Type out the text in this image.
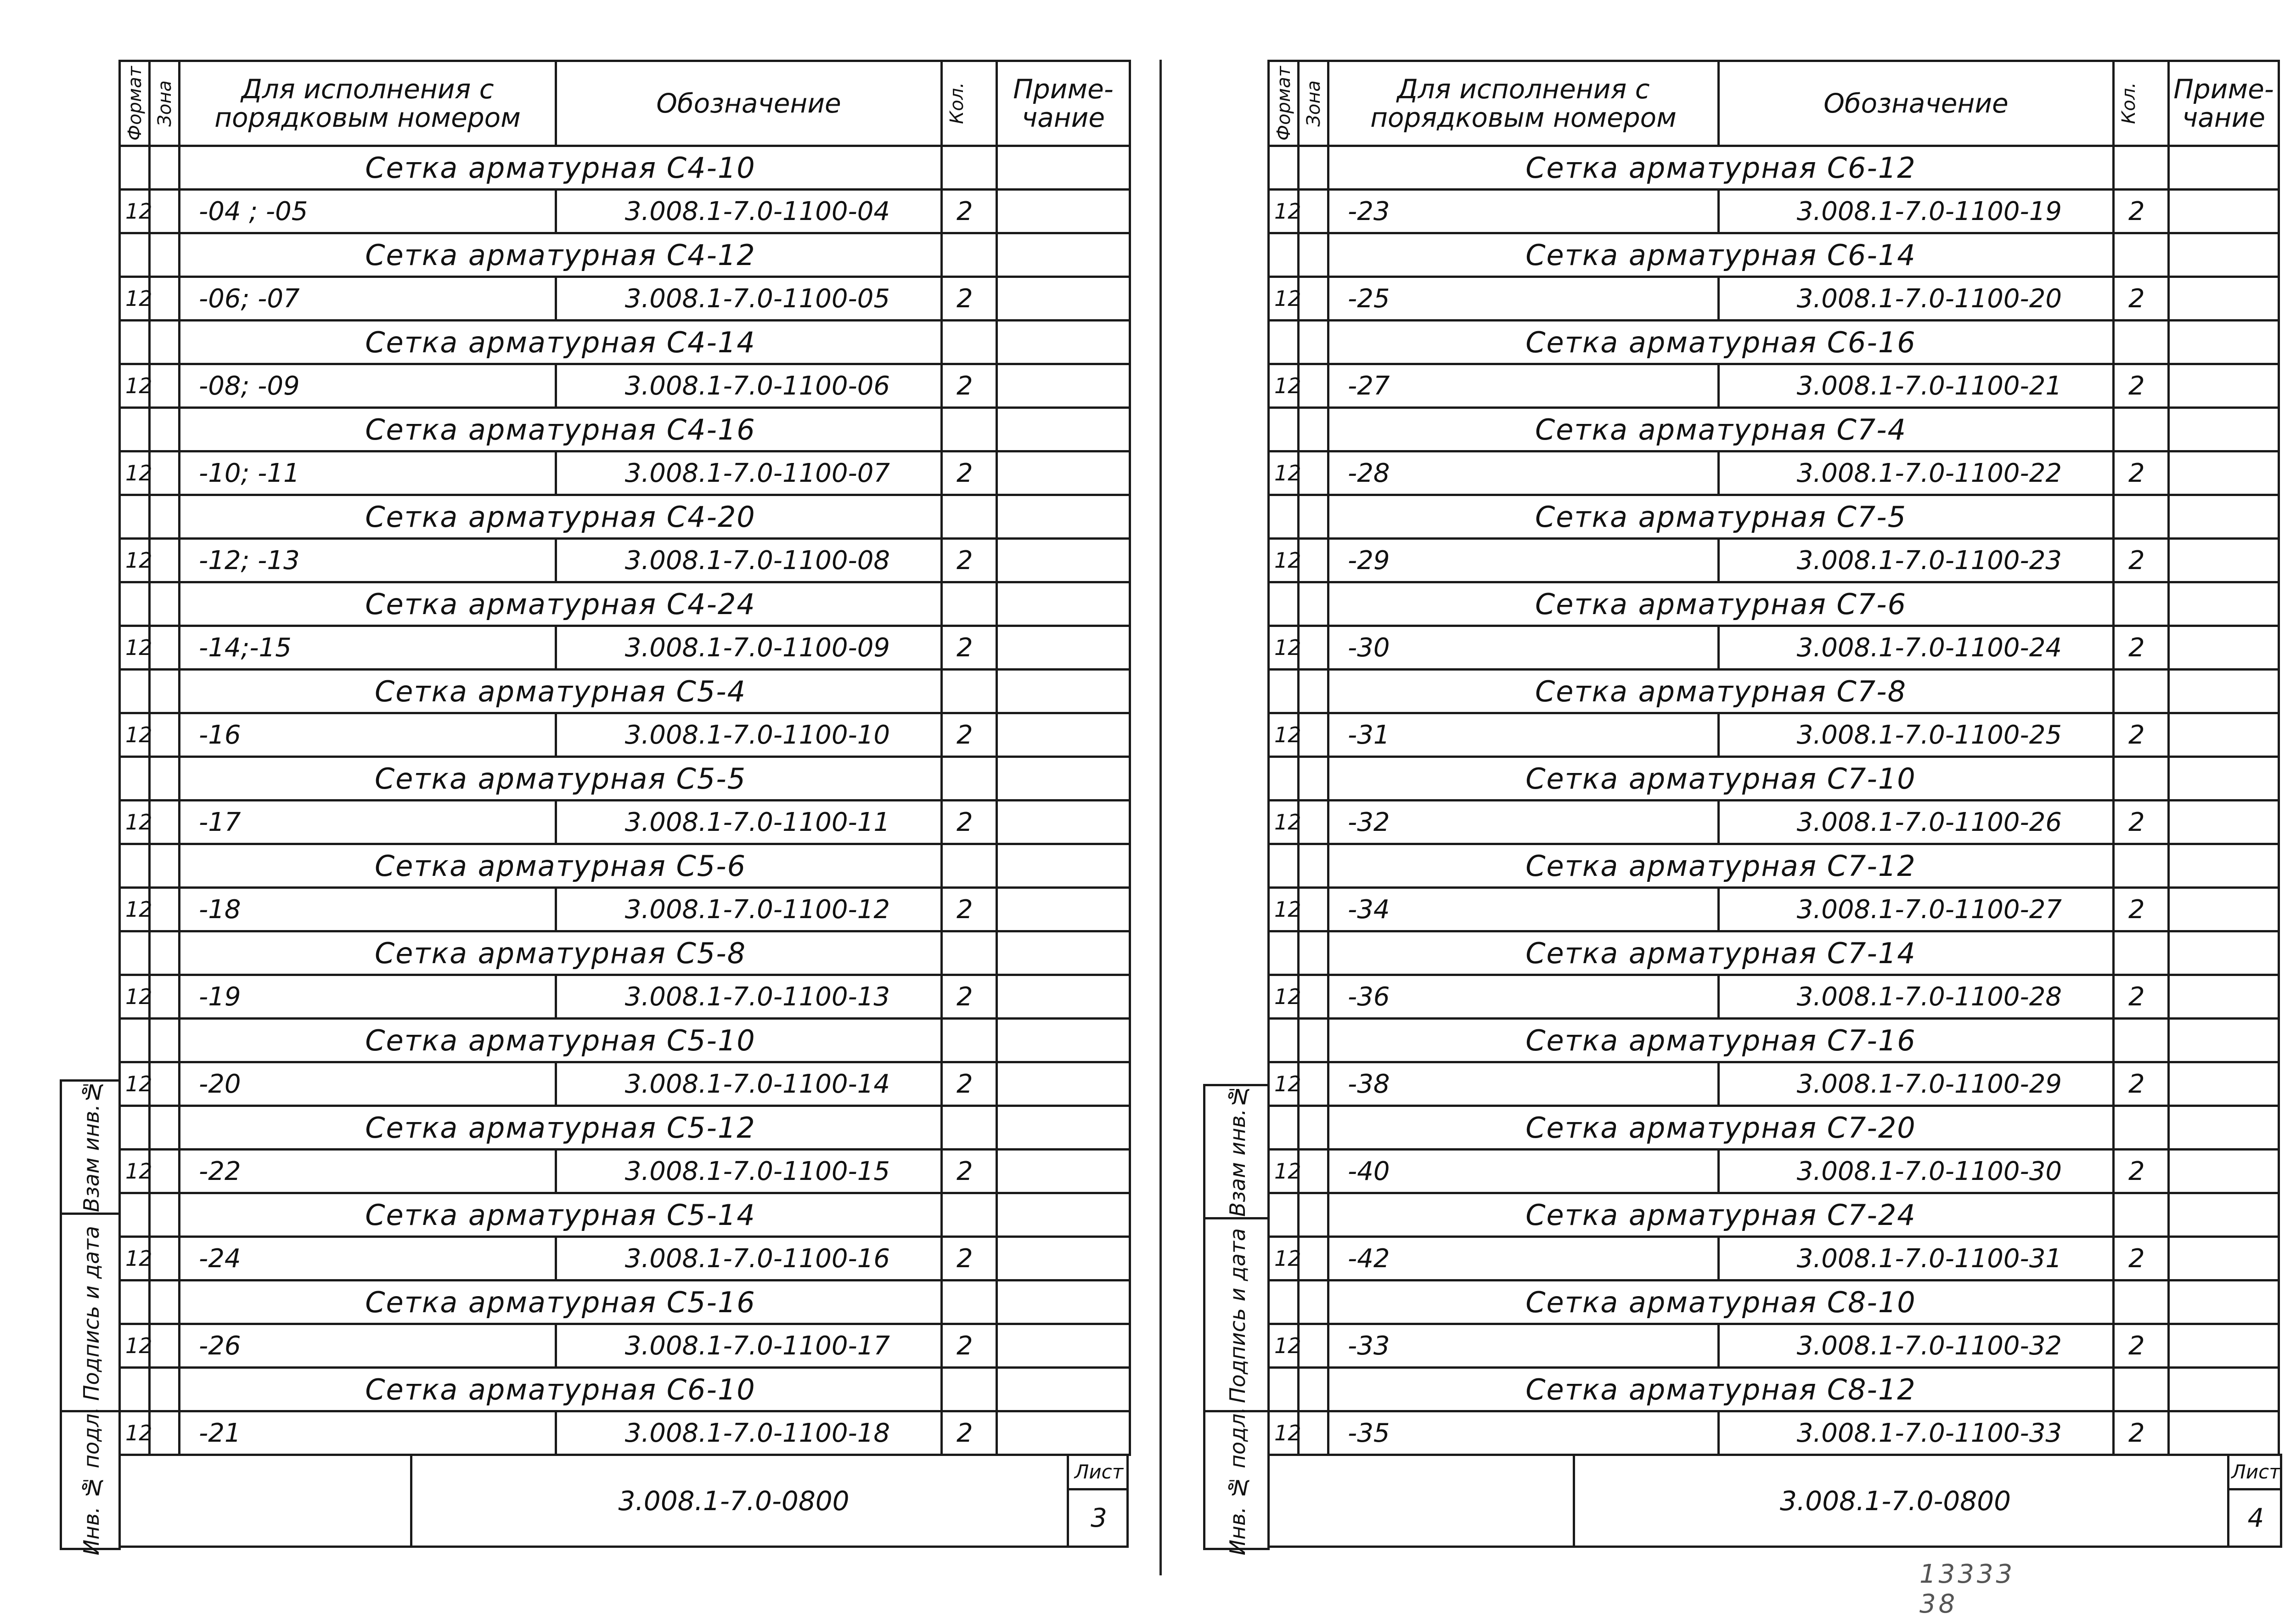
Формат	Зона	Для исполнения с порядковым номером	Обозначение	Кол.	Приме- чание
		Сетка арматурная С4-10			
12		-04 ; -05	3.008.1-7.0-1100-04	2	
		Сетка арматурная С4-12			
12		-06; -07	3.008.1-7.0-1100-05	2	
		Сетка арматурная С4-14			
12		-08; -09	3.008.1-7.0-1100-06	2	
		Сетка арматурная С4-16			
12		-10; -11	3.008.1-7.0-1100-07	2	
		Сетка арматурная С4-20			
12		-12; -13	3.008.1-7.0-1100-08	2	
		Сетка арматурная С4-24			
12		-14;-15	3.008.1-7.0-1100-09	2	
		Сетка арматурная С5-4			
12		-16	3.008.1-7.0-1100-10	2	
		Сетка арматурная С5-5			
12		-17	3.008.1-7.0-1100-11	2	
		Сетка арматурная С5-6			
12		-18	3.008.1-7.0-1100-12	2	
		Сетка арматурная С5-8			
12		-19	3.008.1-7.0-1100-13	2	
		Сетка арматурная С5-10			
12		-20	3.008.1-7.0-1100-14	2	
		Сетка арматурная С5-12			
12		-22	3.008.1-7.0-1100-15	2	
		Сетка арматурная С5-14			
12		-24	3.008.1-7.0-1100-16	2	
		Сетка арматурная С5-16			
12		-26	3.008.1-7.0-1100-17	2	
		Сетка арматурная С6-10			
12		-21	3.008.1-7.0-1100-18	2	
Взам инв.№
Подпись и дата
Инв. № подл.	3.008.1-7.0-0800
Лист
3
Формат	Зона	Для исполнения с порядковым номером	Обозначение	Кол.	Приме- чание
		Сетка арматурная С6-12			
12		-23	3.008.1-7.0-1100-19	2	
		Сетка арматурная С6-14			
12		-25	3.008.1-7.0-1100-20	2	
		Сетка арматурная С6-16			
12		-27	3.008.1-7.0-1100-21	2	
		Сетка арматурная С7-4			
12		-28	3.008.1-7.0-1100-22	2	
		Сетка арматурная С7-5			
12		-29	3.008.1-7.0-1100-23	2	
		Сетка арматурная С7-6			
12		-30	3.008.1-7.0-1100-24	2	
		Сетка арматурная С7-8			
12		-31	3.008.1-7.0-1100-25	2	
		Сетка арматурная С7-10			
12		-32	3.008.1-7.0-1100-26	2	
		Сетка арматурная С7-12			
12		-34	3.008.1-7.0-1100-27	2	
		Сетка арматурная С7-14			
12		-36	3.008.1-7.0-1100-28	2	
		Сетка арматурная С7-16			
12		-38	3.008.1-7.0-1100-29	2	
		Сетка арматурная С7-20			
12		-40	3.008.1-7.0-1100-30	2	
		Сетка арматурная С7-24			
12		-42	3.008.1-7.0-1100-31	2	
		Сетка арматурная С8-10			
12		-33	3.008.1-7.0-1100-32	2	
		Сетка арматурная С8-12			
12		-35	3.008.1-7.0-1100-33	2	
Взам инв.№
Подпись и дата
Инв. № подл.	3.008.1-7.0-0800
Лист
4
13333 38
